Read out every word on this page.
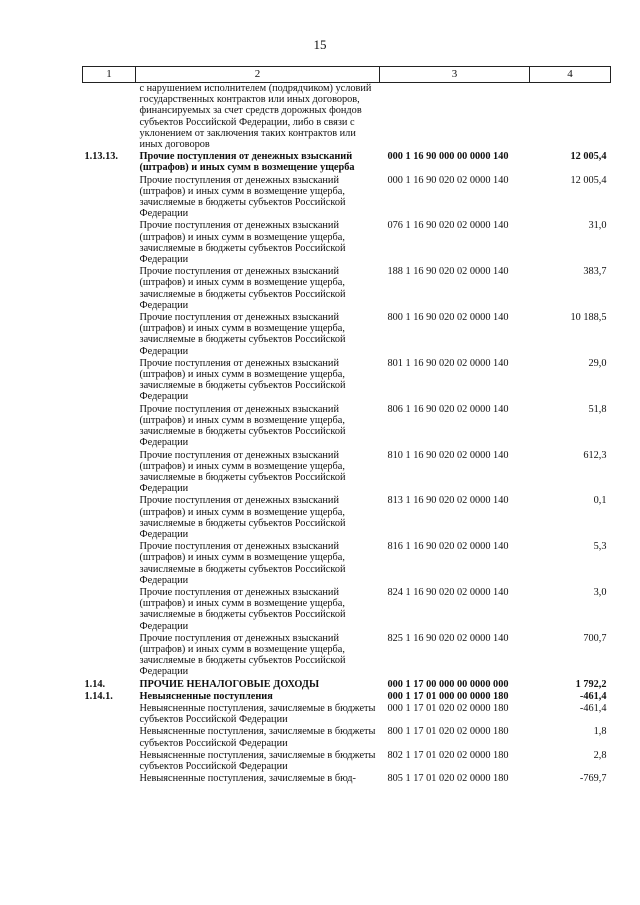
15
1	2	3	4
	с нарушением исполнителем (подрядчиком) условий государственных контрактов или иных договоров, финансируемых за счет средств дорожных фондов субъектов Российской Федерации, либо в связи с уклонением от заключения таких контрактов или иных договоров		
1.13.13.	Прочие поступления от денежных взысканий (штрафов) и иных сумм в возмещение ущерба	000 1 16 90 000 00 0000 140	12 005,4
	Прочие поступления от денежных взысканий (штрафов) и иных сумм в возмещение ущерба, зачисляемые в бюджеты субъектов Российской Федерации	000 1 16 90 020 02 0000 140	12 005,4
	Прочие поступления от денежных взысканий (штрафов) и иных сумм в возмещение ущерба, зачисляемые в бюджеты субъектов Российской Федерации	076 1 16 90 020 02 0000 140	31,0
	Прочие поступления от денежных взысканий (штрафов) и иных сумм в возмещение ущерба, зачисляемые в бюджеты субъектов Российской Федерации	188 1 16 90 020 02 0000 140	383,7
	Прочие поступления от денежных взысканий (штрафов) и иных сумм в возмещение ущерба, зачисляемые в бюджеты субъектов Российской Федерации	800 1 16 90 020 02 0000 140	10 188,5
	Прочие поступления от денежных взысканий (штрафов) и иных сумм в возмещение ущерба, зачисляемые в бюджеты субъектов Российской Федерации	801 1 16 90 020 02 0000 140	29,0
	Прочие поступления от денежных взысканий (штрафов) и иных сумм в возмещение ущерба, зачисляемые в бюджеты субъектов Российской Федерации	806 1 16 90 020 02 0000 140	51,8
	Прочие поступления от денежных взысканий (штрафов) и иных сумм в возмещение ущерба, зачисляемые в бюджеты субъектов Российской Федерации	810 1 16 90 020 02 0000 140	612,3
	Прочие поступления от денежных взысканий (штрафов) и иных сумм в возмещение ущерба, зачисляемые в бюджеты субъектов Российской Федерации	813 1 16 90 020 02 0000 140	0,1
	Прочие поступления от денежных взысканий (штрафов) и иных сумм в возмещение ущерба, зачисляемые в бюджеты субъектов Российской Федерации	816 1 16 90 020 02 0000 140	5,3
	Прочие поступления от денежных взысканий (штрафов) и иных сумм в возмещение ущерба, зачисляемые в бюджеты субъектов Российской Федерации	824 1 16 90 020 02 0000 140	3,0
	Прочие поступления от денежных взысканий (штрафов) и иных сумм в возмещение ущерба, зачисляемые в бюджеты субъектов Российской Федерации	825 1 16 90 020 02 0000 140	700,7
1.14.	ПРОЧИЕ НЕНАЛОГОВЫЕ ДОХОДЫ	000 1 17 00 000 00 0000 000	1 792,2
1.14.1.	Невыясненные поступления	000 1 17 01 000 00 0000 180	-461,4
	Невыясненные поступления, зачисляемые в бюджеты субъектов Российской Федерации	000 1 17 01 020 02 0000 180	-461,4
	Невыясненные поступления, зачисляемые в бюджеты субъектов Российской Федерации	800 1 17 01 020 02 0000 180	1,8
	Невыясненные поступления, зачисляемые в бюджеты субъектов Российской Федерации	802 1 17 01 020 02 0000 180	2,8
	Невыясненные поступления, зачисляемые в бюд-	805 1 17 01 020 02 0000 180	-769,7
